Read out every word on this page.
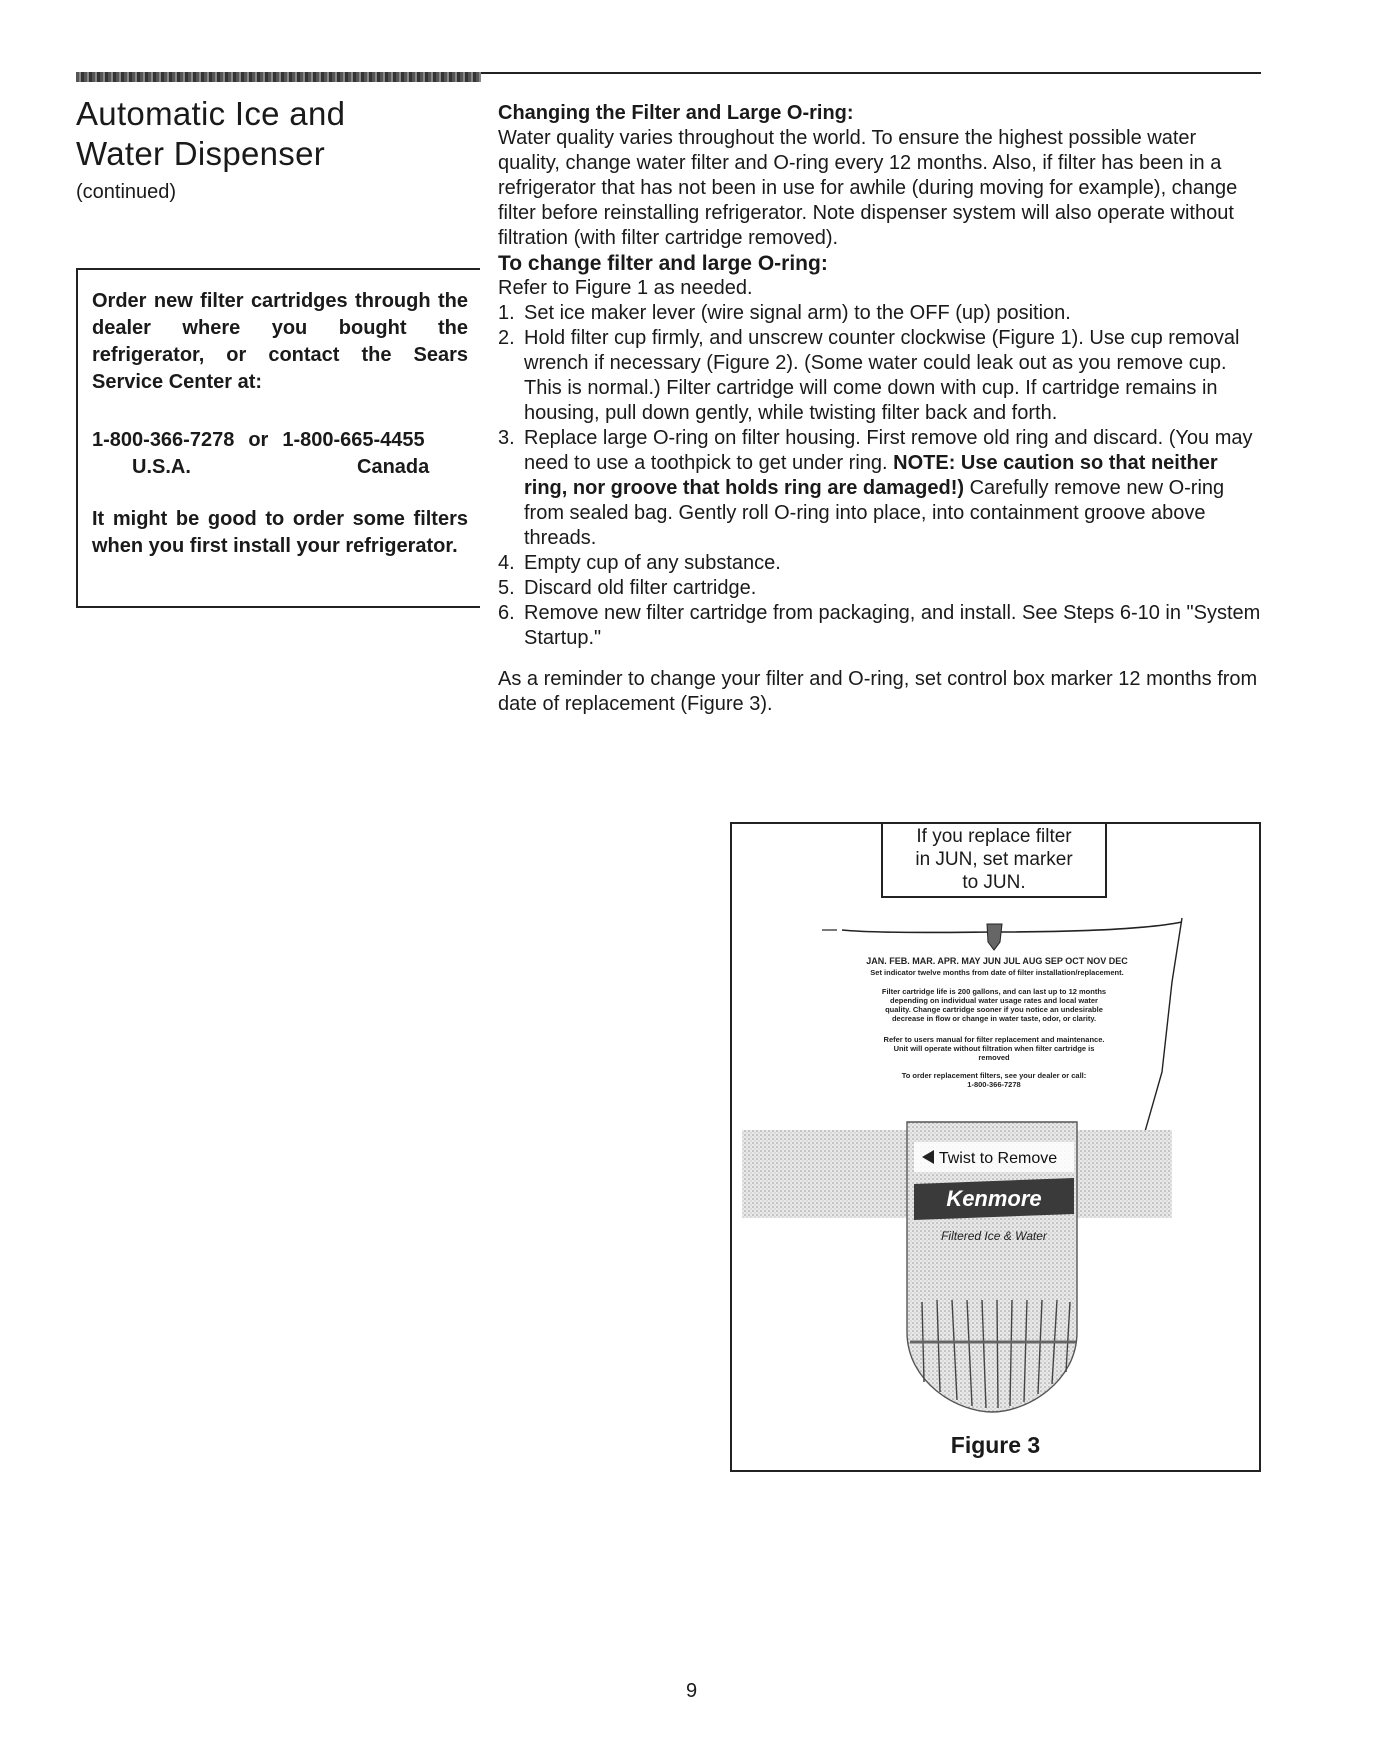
Automatic Ice and
Water Dispenser
(continued)

Order new filter cartridges through the dealer where you bought the refrigerator, or contact the Sears Service Center at:

1-800-366-7278 or 1-800-665-4455
U.S.A.	Canada

It might be good to order some filters when you first install your refrigerator.

Changing the Filter and Large O-ring:

Water quality varies throughout the world. To ensure the highest possible water quality, change water filter and O-ring every 12 months. Also, if filter has been in a refrigerator that has not been in use for awhile (during moving for example), change filter before reinstalling refrigerator. Note dispenser system will also operate without filtration (with filter cartridge removed).

To change filter and large O-ring:

Refer to Figure 1 as needed.

1. Set ice maker lever (wire signal arm) to the OFF (up) position.
2. Hold filter cup firmly, and unscrew counter clockwise (Figure 1). Use cup removal wrench if necessary (Figure 2). (Some water could leak out as you remove cup. This is normal.) Filter cartridge will come down with cup. If cartridge remains in housing, pull down gently, while twisting filter back and forth.
3. Replace large O-ring on filter housing. First remove old ring and discard. (You may need to use a toothpick to get under ring. NOTE: Use caution so that neither ring, nor groove that holds ring are damaged!) Carefully remove new O-ring from sealed bag. Gently roll O-ring into place, into containment groove above threads.
4. Empty cup of any substance.
5. Discard old filter cartridge.
6. Remove new filter cartridge from packaging, and install. See Steps 6-10 in "System Startup."

As a reminder to change your filter and O-ring, set control box marker 12 months from date of replacement (Figure 3).

JAN. FEB. MAR. APR. MAY JUN JUL AUG SEP OCT NOV DEC
Set indicator twelve months from date of filter installation/replacement.
Filter cartridge life is 200 gallons, and can last up to 12 months
depending on individual water usage rates and local water
quality. Change cartridge sooner if you notice an undesirable
decrease in flow or change in water taste, odor, or clarity.
Refer to users manual for filter replacement and maintenance.
Unit will operate without filtration when filter cartridge is
removed
To order replacement filters, see your dealer or call:
1-800-366-7278
Twist to Remove
Kenmore
Filtered Ice & Water
If you replace filter
in JUN, set marker
to JUN.
Figure 3
9
